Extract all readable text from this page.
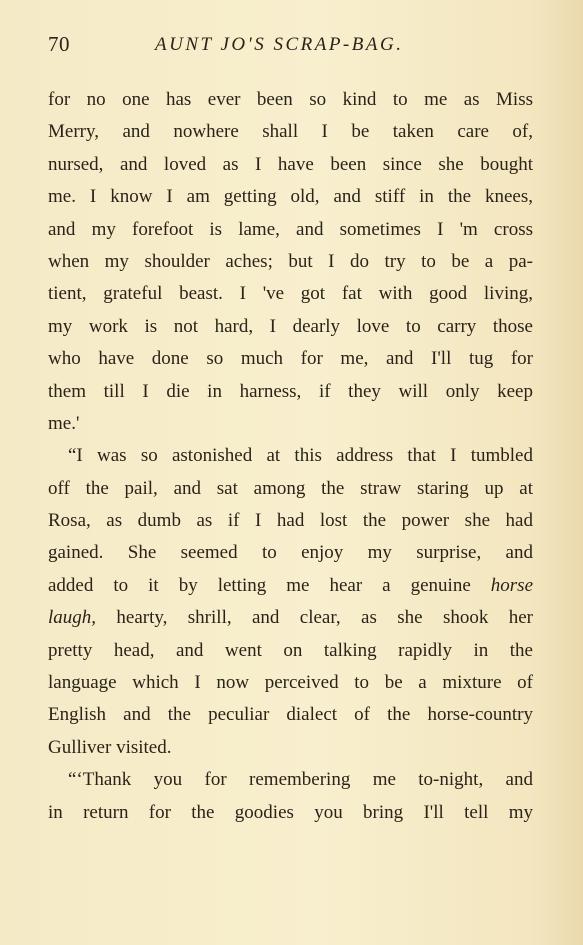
70	AUNT JO'S SCRAP-BAG.
for no one has ever been so kind to me as Miss
Merry, and nowhere shall I be taken care of,
nursed, and loved as I have been since she bought
me. I know I am getting old, and stiff in the knees,
and my forefoot is lame, and sometimes I 'm cross
when my shoulder aches; but I do try to be a pa-
tient, grateful beast. I 've got fat with good living,
my work is not hard, I dearly love to carry those
who have done so much for me, and I'll tug for
them till I die in harness, if they will only keep
me.'
“I was so astonished at this address that I tumbled
off the pail, and sat among the straw staring up at
Rosa, as dumb as if I had lost the power she had
gained. She seemed to enjoy my surprise, and
added to it by letting me hear a genuine horse
laugh, hearty, shrill, and clear, as she shook her
pretty head, and went on talking rapidly in the
language which I now perceived to be a mixture of
English and the peculiar dialect of the horse-country
Gulliver visited.
“‘Thank you for remembering me to-night, and
in return for the goodies you bring I'll tell my
